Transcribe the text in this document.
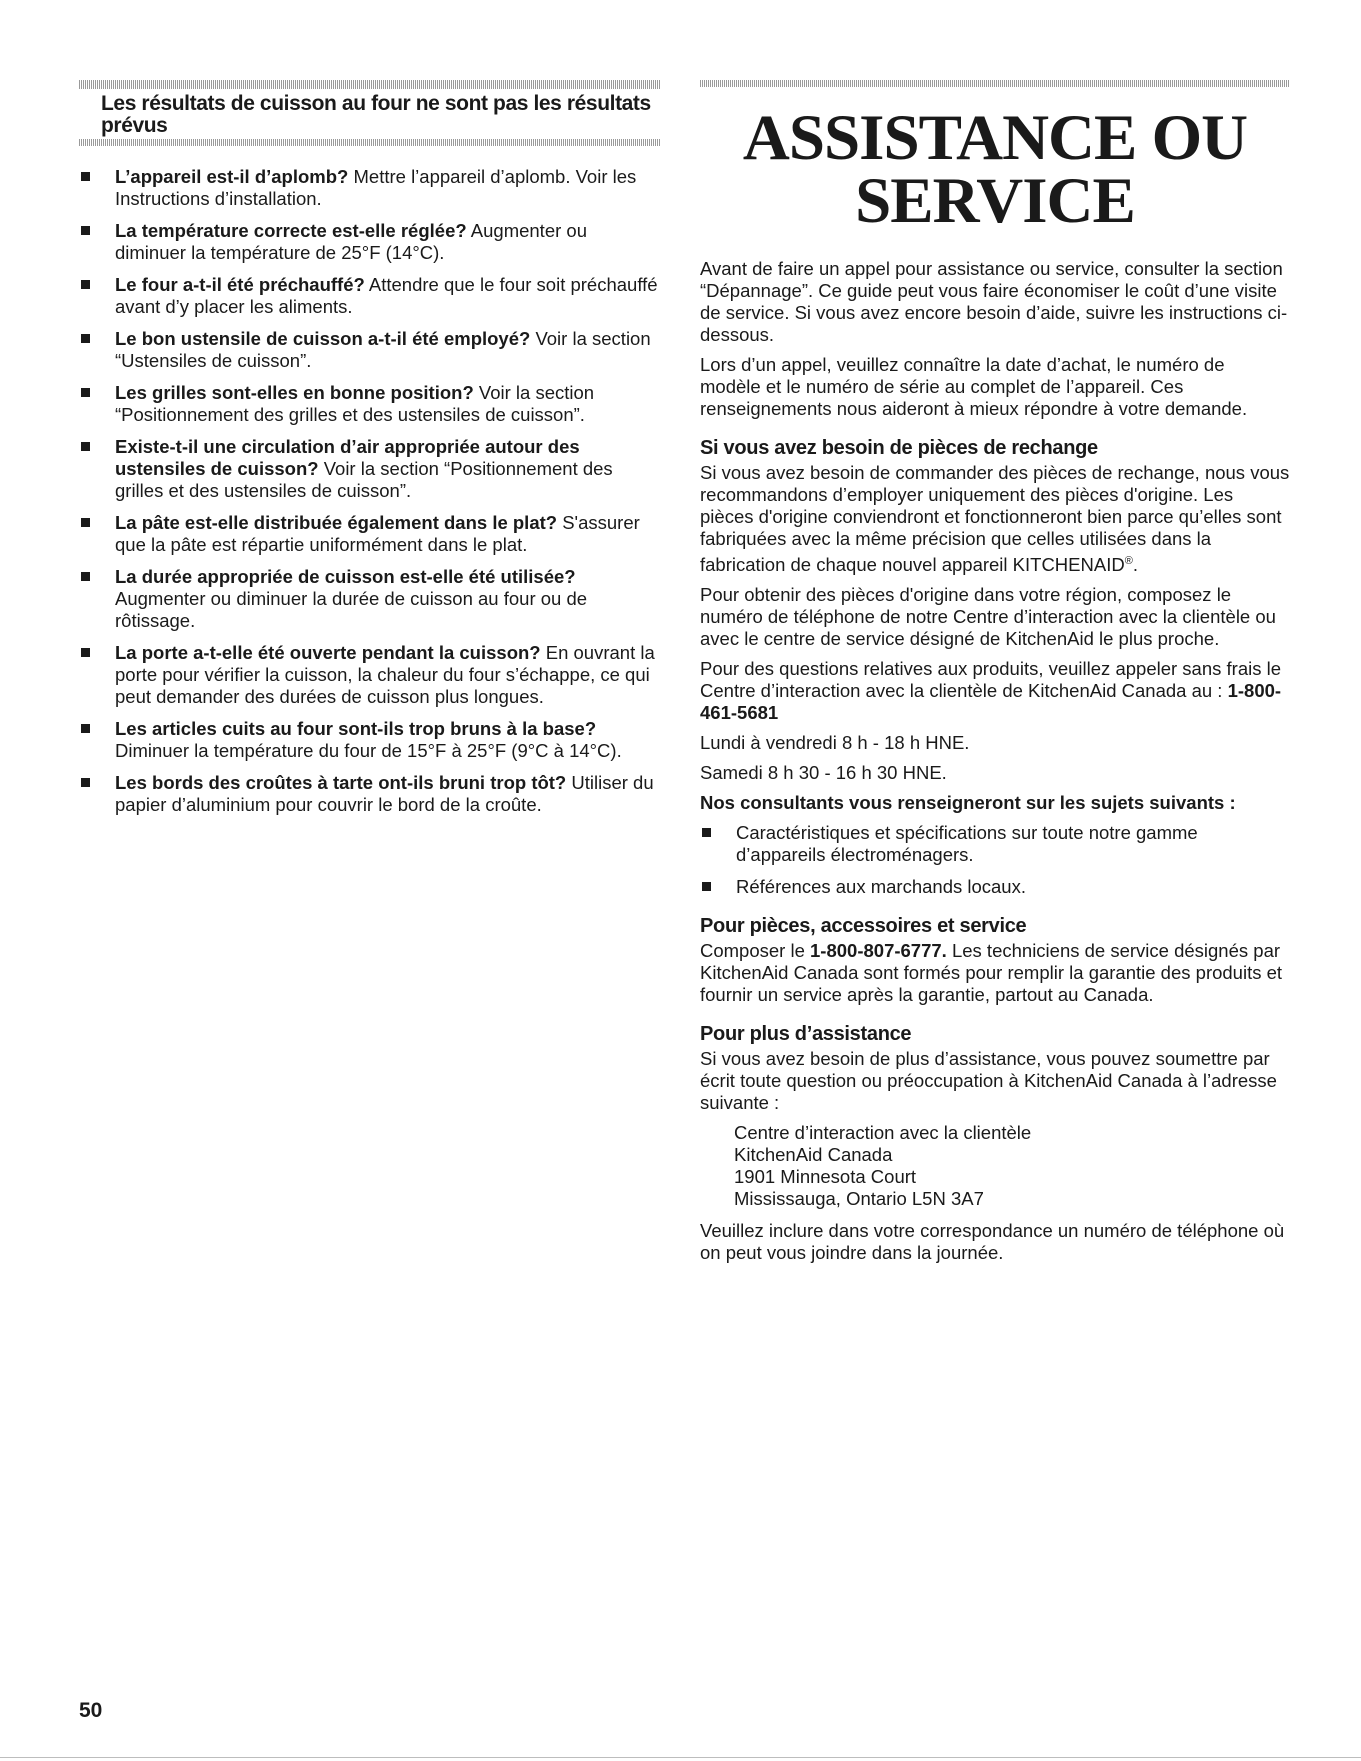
Les résultats de cuisson au four ne sont pas les résultats prévus
L’appareil est-il d’aplomb? Mettre l’appareil d’aplomb. Voir les Instructions d’installation.
La température correcte est-elle réglée? Augmenter ou diminuer la température de 25°F (14°C).
Le four a-t-il été préchauffé? Attendre que le four soit préchauffé avant d’y placer les aliments.
Le bon ustensile de cuisson a-t-il été employé? Voir la section “Ustensiles de cuisson”.
Les grilles sont-elles en bonne position? Voir la section “Positionnement des grilles et des ustensiles de cuisson”.
Existe-t-il une circulation d’air appropriée autour des ustensiles de cuisson? Voir la section “Positionnement des grilles et des ustensiles de cuisson”.
La pâte est-elle distribuée également dans le plat? S'assurer que la pâte est répartie uniformément dans le plat.
La durée appropriée de cuisson est-elle été utilisée? Augmenter ou diminuer la durée de cuisson au four ou de rôtissage.
La porte a-t-elle été ouverte pendant la cuisson? En ouvrant la porte pour vérifier la cuisson, la chaleur du four s’échappe, ce qui peut demander des durées de cuisson plus longues.
Les articles cuits au four sont-ils trop bruns à la base? Diminuer la température du four de 15°F à 25°F (9°C à 14°C).
Les bords des croûtes à tarte ont-ils bruni trop tôt? Utiliser du papier d’aluminium pour couvrir le bord de la croûte.
ASSISTANCE OU
SERVICE

Avant de faire un appel pour assistance ou service, consulter la section “Dépannage”. Ce guide peut vous faire économiser le coût d’une visite de service. Si vous avez encore besoin d’aide, suivre les instructions ci-dessous.

Lors d’un appel, veuillez connaître la date d’achat, le numéro de modèle et le numéro de série au complet de l’appareil. Ces renseignements nous aideront à mieux répondre à votre demande.

Si vous avez besoin de pièces de rechange

Si vous avez besoin de commander des pièces de rechange, nous vous recommandons d’employer uniquement des pièces d'origine. Les pièces d'origine conviendront et fonctionneront bien parce qu’elles sont fabriquées avec la même précision que celles utilisées dans la fabrication de chaque nouvel appareil KITCHENAID®.

Pour obtenir des pièces d'origine dans votre région, composez le numéro de téléphone de notre Centre d’interaction avec la clientèle ou avec le centre de service désigné de KitchenAid le plus proche.

Pour des questions relatives aux produits, veuillez appeler sans frais le Centre d’interaction avec la clientèle de KitchenAid Canada au : 1-800-461-5681

Lundi à vendredi 8 h - 18 h HNE.

Samedi 8 h 30 - 16 h 30 HNE.

Nos consultants vous renseigneront sur les sujets suivants :

Caractéristiques et spécifications sur toute notre gamme d’appareils électroménagers.
Références aux marchands locaux.
Pour pièces, accessoires et service

Composer le 1-800-807-6777. Les techniciens de service désignés par KitchenAid Canada sont formés pour remplir la garantie des produits et fournir un service après la garantie, partout au Canada.

Pour plus d’assistance

Si vous avez besoin de plus d’assistance, vous pouvez soumettre par écrit toute question ou préoccupation à KitchenAid Canada à l’adresse suivante :

Centre d’interaction avec la clientèle
KitchenAid Canada
1901 Minnesota Court
Mississauga, Ontario L5N 3A7

Veuillez inclure dans votre correspondance un numéro de téléphone où on peut vous joindre dans la journée.

50
